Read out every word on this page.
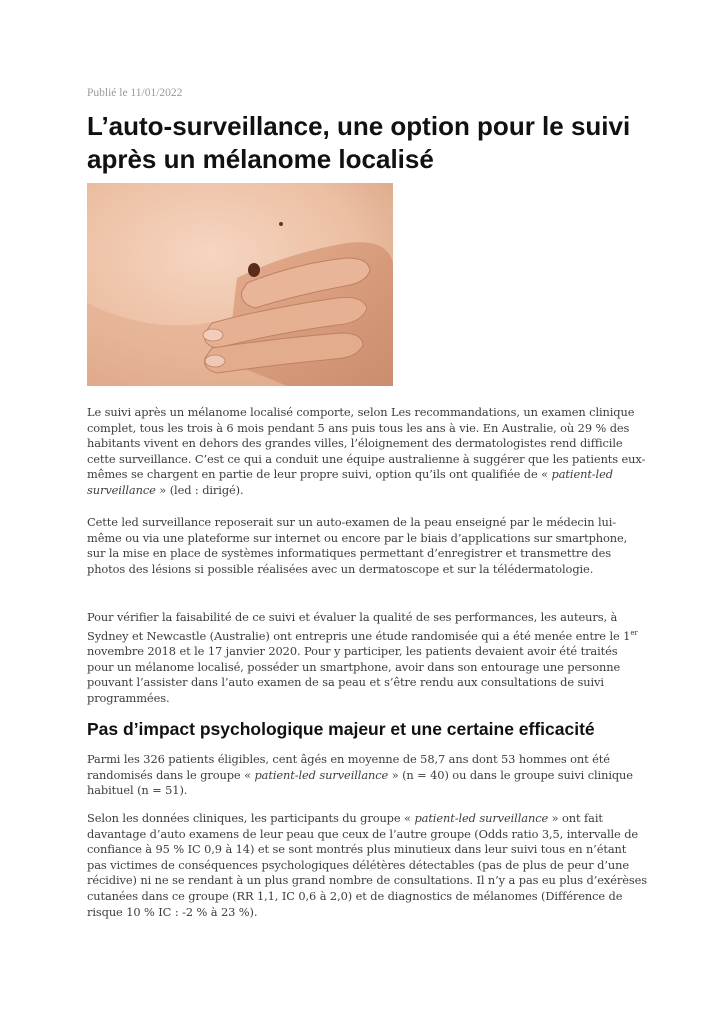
Publié le 11/01/2022
L’auto-surveillance, une option pour le suivi après un mélanome localisé

Le suivi après un mélanome localisé comporte, selon Les recommandations, un examen clinique complet, tous les trois à 6 mois pendant 5 ans puis tous les ans à vie. En Australie, où 29 % des habitants vivent en dehors des grandes villes, l’éloignement des dermatologistes rend difficile cette surveillance. C’est ce qui a conduit une équipe australienne à suggérer que les patients eux-mêmes se chargent en partie de leur propre suivi, option qu’ils ont qualifiée de « patient-led surveillance » (led : dirigé).

Cette led surveillance reposerait sur un auto-examen de la peau enseigné par le médecin lui-même ou via une plateforme sur internet ou encore par le biais d’applications sur smartphone, sur la mise en place de systèmes informatiques permettant d’enregistrer et transmettre des photos des lésions si possible réalisées avec un dermatoscope et sur la télédermatologie.

Pour vérifier la faisabilité de ce suivi et évaluer la qualité de ses performances, les auteurs, à Sydney et Newcastle (Australie) ont entrepris une étude randomisée qui a été menée entre le 1er novembre 2018 et le 17 janvier 2020. Pour y participer, les patients devaient avoir été traités pour un mélanome localisé, posséder un smartphone, avoir dans son entourage une personne pouvant l’assister dans l’auto examen de sa peau et s’être rendu aux consultations de suivi programmées.

Pas d’impact psychologique majeur et une certaine efficacité

Parmi les 326 patients éligibles, cent âgés en moyenne de 58,7 ans dont 53 hommes ont été randomisés dans le groupe « patient-led surveillance » (n = 40) ou dans le groupe suivi clinique habituel (n = 51).

Selon les données cliniques, les participants du groupe « patient-led surveillance » ont fait davantage d’auto examens de leur peau que ceux de l’autre groupe (Odds ratio 3,5, intervalle de confiance à 95 % IC 0,9 à 14) et se sont montrés plus minutieux dans leur suivi tous en n’étant pas victimes de conséquences psychologiques délétères détectables (pas de plus de peur d’une récidive) ni ne se rendant à un plus grand nombre de consultations. Il n’y a pas eu plus d’exérèses cutanées dans ce groupe (RR 1,1, IC 0,6 à 2,0) et de diagnostics de mélanomes (Différence de risque 10 % IC : -2 % à 23 %).
